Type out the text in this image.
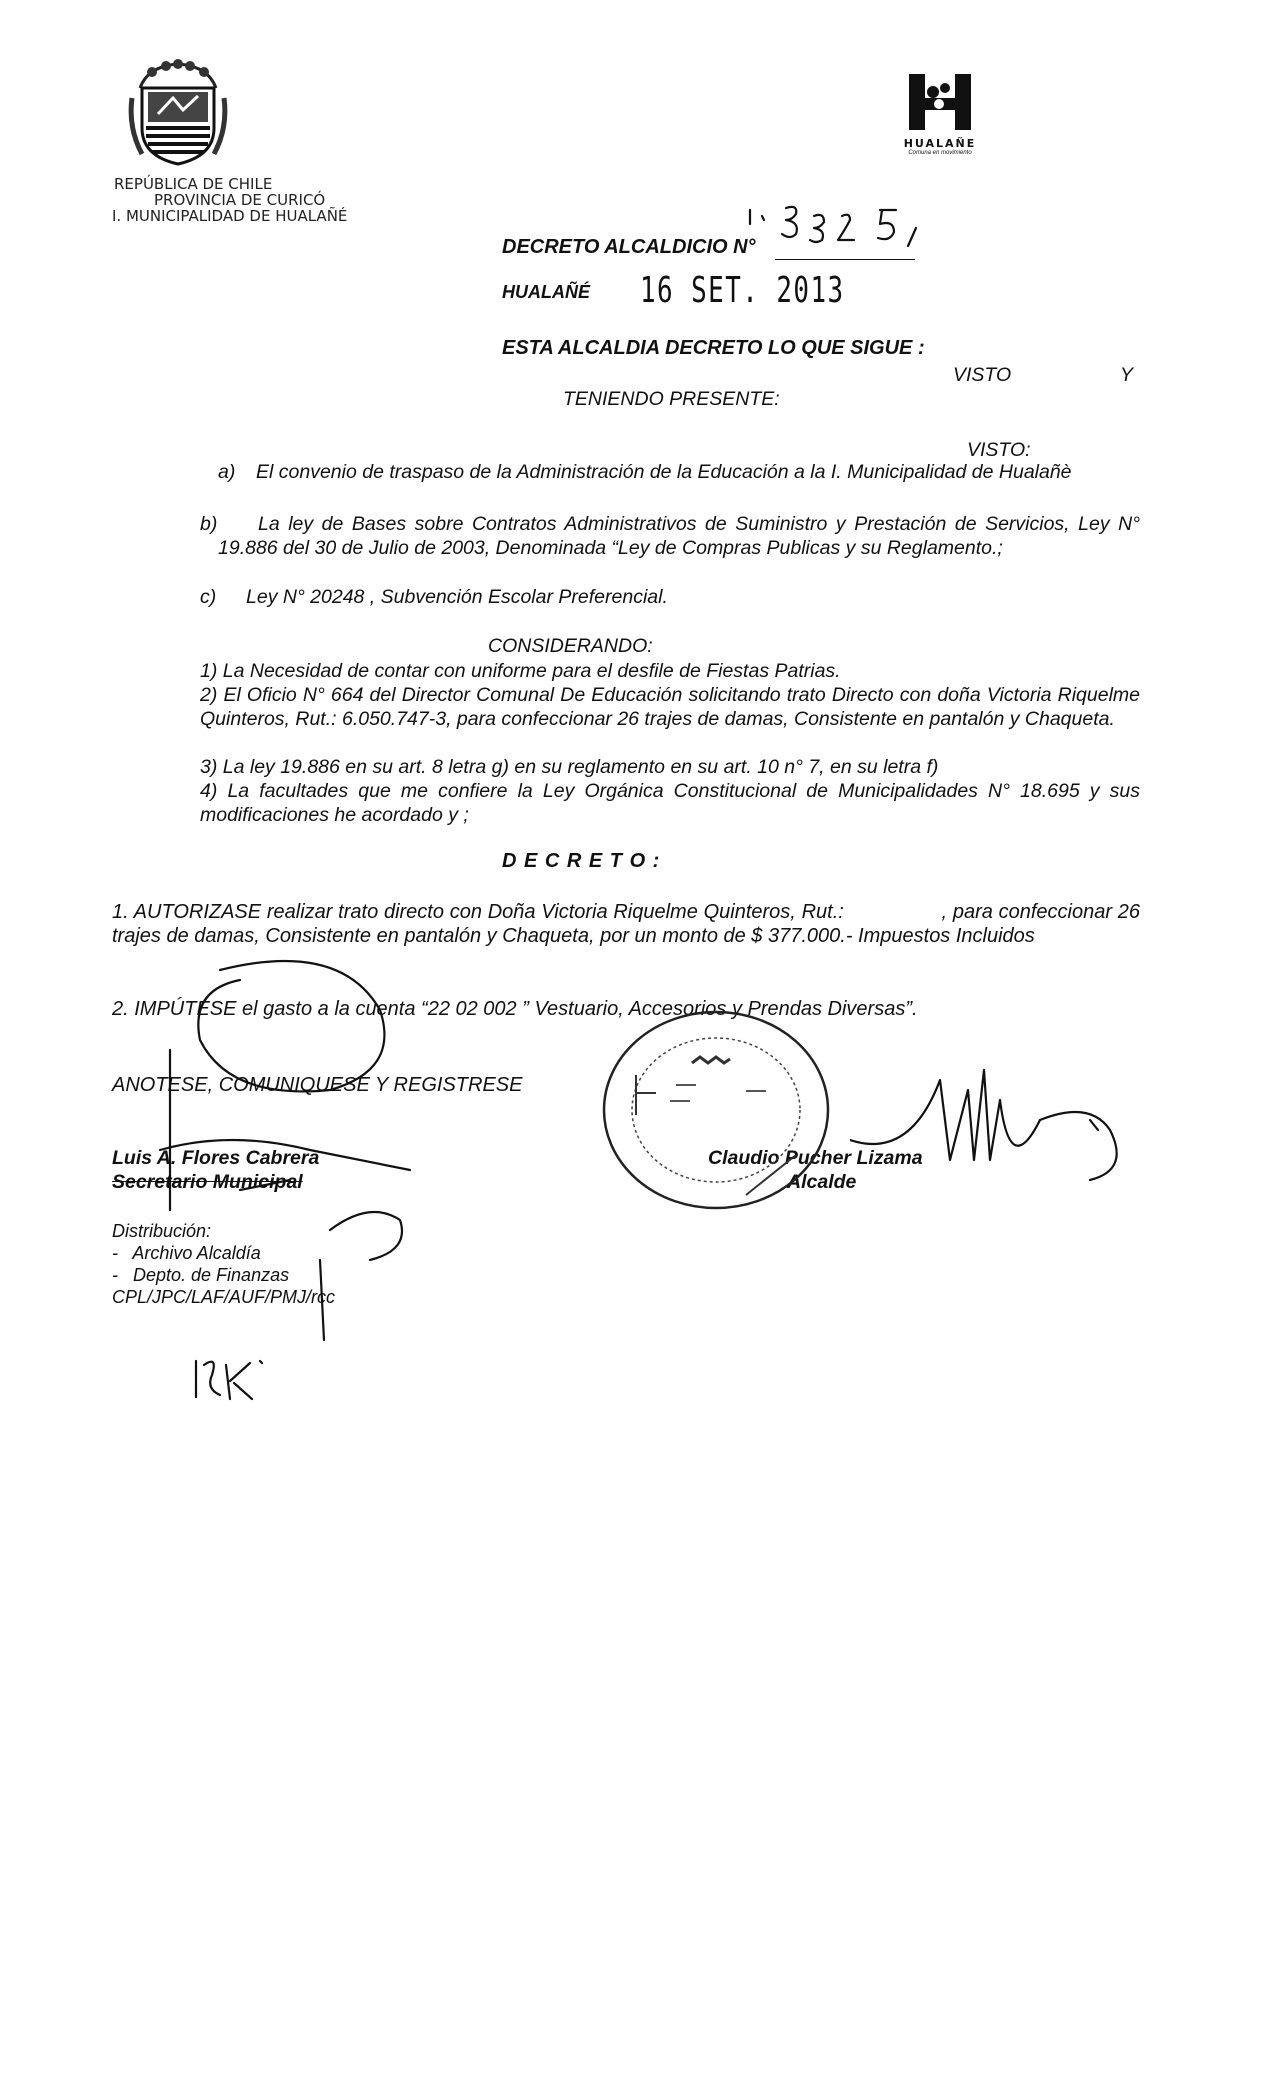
REPÚBLICA DE CHILE
PROVINCIA DE CURICÓ
I. MUNICIPALIDAD DE HUALAÑÉ
HUALAÑE
Comuna en movimiento
DECRETO ALCALDICIO N°
HUALAÑÉ 16 SET. 2013
ESTA ALCALDIA DECRETO LO QUE SIGUE :
VISTO	Y
TENIENDO PRESENTE:
VISTO:
a) El convenio de traspaso de la Administración de la Educación a la I. Municipalidad de Hualañè
b) La ley de Bases sobre Contratos Administrativos de Suministro y Prestación de Servicios, Ley N° 19.886 del 30 de Julio de 2003, Denominada “Ley de Compras Publicas y su Reglamento.;
c) Ley N° 20248 , Subvención Escolar Preferencial.
CONSIDERANDO:
1) La Necesidad de contar con uniforme para el desfile de Fiestas Patrias.
2) El Oficio N° 664 del Director Comunal De Educación solicitando trato Directo con doña Victoria Riquelme Quinteros, Rut.: 6.050.747-3, para confeccionar 26 trajes de damas, Consistente en pantalón y Chaqueta.
3) La ley 19.886 en su art. 8 letra g) en su reglamento en su art. 10 n° 7, en su letra f)
4) La facultades que me confiere la Ley Orgánica Constitucional de Municipalidades N° 18.695 y sus modificaciones he acordado y ;
D E C R E T O :
1. AUTORIZASE realizar trato directo con Doña Victoria Riquelme Quinteros, Rut.:                 , para confeccionar 26 trajes de damas, Consistente en pantalón y Chaqueta, por un monto de $ 377.000.- Impuestos Incluidos
2. IMPÚTESE el gasto a la cuenta “22 02 002 ” Vestuario, Accesorios y Prendas Diversas”.
ANOTESE, COMUNIQUESE Y REGISTRESE
Luis A. Flores Cabrera
Secretario Municipal
Claudio Pucher Lizama
Alcalde
Distribución:
-   Archivo Alcaldía
-   Depto. de Finanzas
CPL/JPC/LAF/AUF/PMJ/rcc
